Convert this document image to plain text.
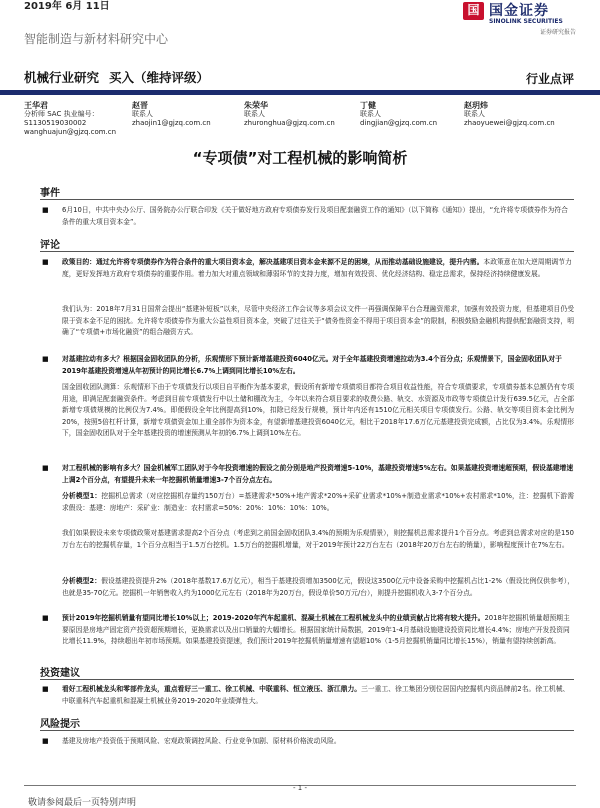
2019年 6月 11日	国 国金证券
SINOLINK SECURITIES
证券研究报告
智能制造与新材料研究中心
机械行业研究 买入（维持评级）	行业点评
王华君
分析师 SAC 执业编号：
S1130519030002
wanghuajun@gjzq.com.cn
赵晋
联系人
zhaojin1@gjzq.com.cn
朱荣华
联系人
zhuronghua@gjzq.com.cn
丁健
联系人
dingjian@gjzq.com.cn
赵玥炜
联系人
zhaoyuewei@gjzq.com.cn
“专项债”对工程机械的影响简析
事件
■ 6月10日，中共中央办公厅、国务院办公厅联合印发《关于做好地方政府专项债券发行及项目配套融资工作的通知》（以下简称《通知》）提出，“允许将专项债券作为符合条件的重大项目资本金”。
评论
■ 政策目的：通过允许将专项债券作为符合条件的重大项目资本金，解决基建项目资本金来源不足的困境，从而推动基础设施建设，提升内需。本政策意在加大逆周期调节力度，更好发挥地方政府专项债券的重要作用。着力加大对重点领域和薄弱环节的支持力度，增加有效投资、优化经济结构、稳定总需求，保持经济持续健康发展。

我们认为：2018年7月31日国常会提出“基建补短板”以来，尽管中央经济工作会议等多项会议文件一再强调保障平台合理融资需求，加强有效投资力度，但基建项目仍受限于资本金不足的困扰。允许将专项债券作为重大公益性项目资本金，突破了过往关于“债务性资金不得用于项目资本金”的限制，积极鼓励金融机构提供配套融资支持，明确了“专项债+市场化融资”的组合融资方式。

■ 对基建拉动有多大？根据国金固收团队的分析，乐观情形下预计新增基建投资6040亿元。对于全年基建投资增速拉动为3.4个百分点；乐观情景下，国金固收团队对于2019年基建投资增速从年初预计的同比增长6.7%上调到同比增长10%左右。

国金固收团队测算：乐观情形下由于专项债发行以项目自平衡作为基本要求，假设所有新增专项债项目都符合项目收益性能，符合专项债要求，专项债券基本总额仍有专项用途，即满足配套融资条件。考虑到目前专项债发行中以土储和棚改为主，今年以来符合项目要求的收费公路、轨交、水资源及市政等专项债总计发行639.5亿元，占全部新增专项债规模的比例仅为7.4%。即便假设全年比例提高到10%，扣除已经发行规模，预计年内还有1510亿元相关项目专项债发行。公路、轨交等项目资本金比例为20%，按照5倍杠杆计算，新增专项债资金加上重全部作为资本金，有望新增基建投资6040亿元，相比于2018年17.6万亿元基建投资完成额，占比仅为3.4%。乐观情形下，国金固收团队对于全年基建投资的增速预测从年初的6.7%上调到10%左右。

■ 对工程机械的影响有多大？国金机械军工团队对于今年投资增速的假设之前分别是地产投资增速5-10%，基建投资增速5%左右。如果基建投资增速超预期，假设基建增速上调2个百分点，有望提升未来一年挖掘机销量增速3-7个百分点左右。

分析模型1：挖掘机总需求（对应挖掘机存量约150万台）=基建需求*50%+地产需求*20%+采矿业需求*10%+制造业需求*10%+农村需求*10%，注：挖掘机下游需求假设：基建：房地产：采矿业：制造业：农村需求=50%：20%：10%：10%：10%。

我们如果假设未来专项债政策对基建需求提高2个百分点（考虑到之前国金固收团队3.4%的预期为乐观情景），则挖掘机总需求提升1个百分点。考虑到总需求对应的是150万台左右的挖掘机存量，1个百分点相当于1.5万台挖机。1.5万台的挖掘机增量，对于2019年预计22万台左右（2018年20万台左右的销量），影响程度预计在7%左右。

分析模型2：假设基建投资提升2%（2018年基数17.6万亿元），相当于基建投资增加3500亿元，假设这3500亿元中设备采购中挖掘机占比1-2%（假设比例仅供参考），也就是35-70亿元。挖掘机一年销售收入约为1000亿元左右（2018年为20万台，假设单价50万元/台），则提升挖掘机收入3-7个百分点。

■ 预计2019年挖掘机销量有望同比增长10%以上；2019-2020年汽车起重机、混凝土机械在工程机械龙头中的业绩贡献占比将有较大提升。2018年挖掘机销量超预期主要原因是房地产固定资产投资超预期增长，更换需求以及出口销量的大幅增长。根据国家统计局数据，2019年1-4月基础设施建设投资同比增长4.4%；房地产开发投资同比增长11.9%，持续超出年初市场预期。如果基建投资提速，我们预计2019年挖掘机销量增速有望超10%（1-5月挖掘机销量同比增长15%），销量有望持续创新高。
投资建议
■ 看好工程机械龙头和零部件龙头，重点看好三一重工、徐工机械、中联重科、恒立液压、浙江鼎力。三一重工、徐工集团分别位居国内挖掘机内资品牌前2名。徐工机械、中联重科汽车起重机和混凝土机械业务2019-2020年业绩弹性大。
风险提示
■ 基建及房地产投资低于预期风险、宏观政策调控风险、行业竞争加剧、原材料价格波动风险。
- 1 -
敬请参阅最后一页特别声明
